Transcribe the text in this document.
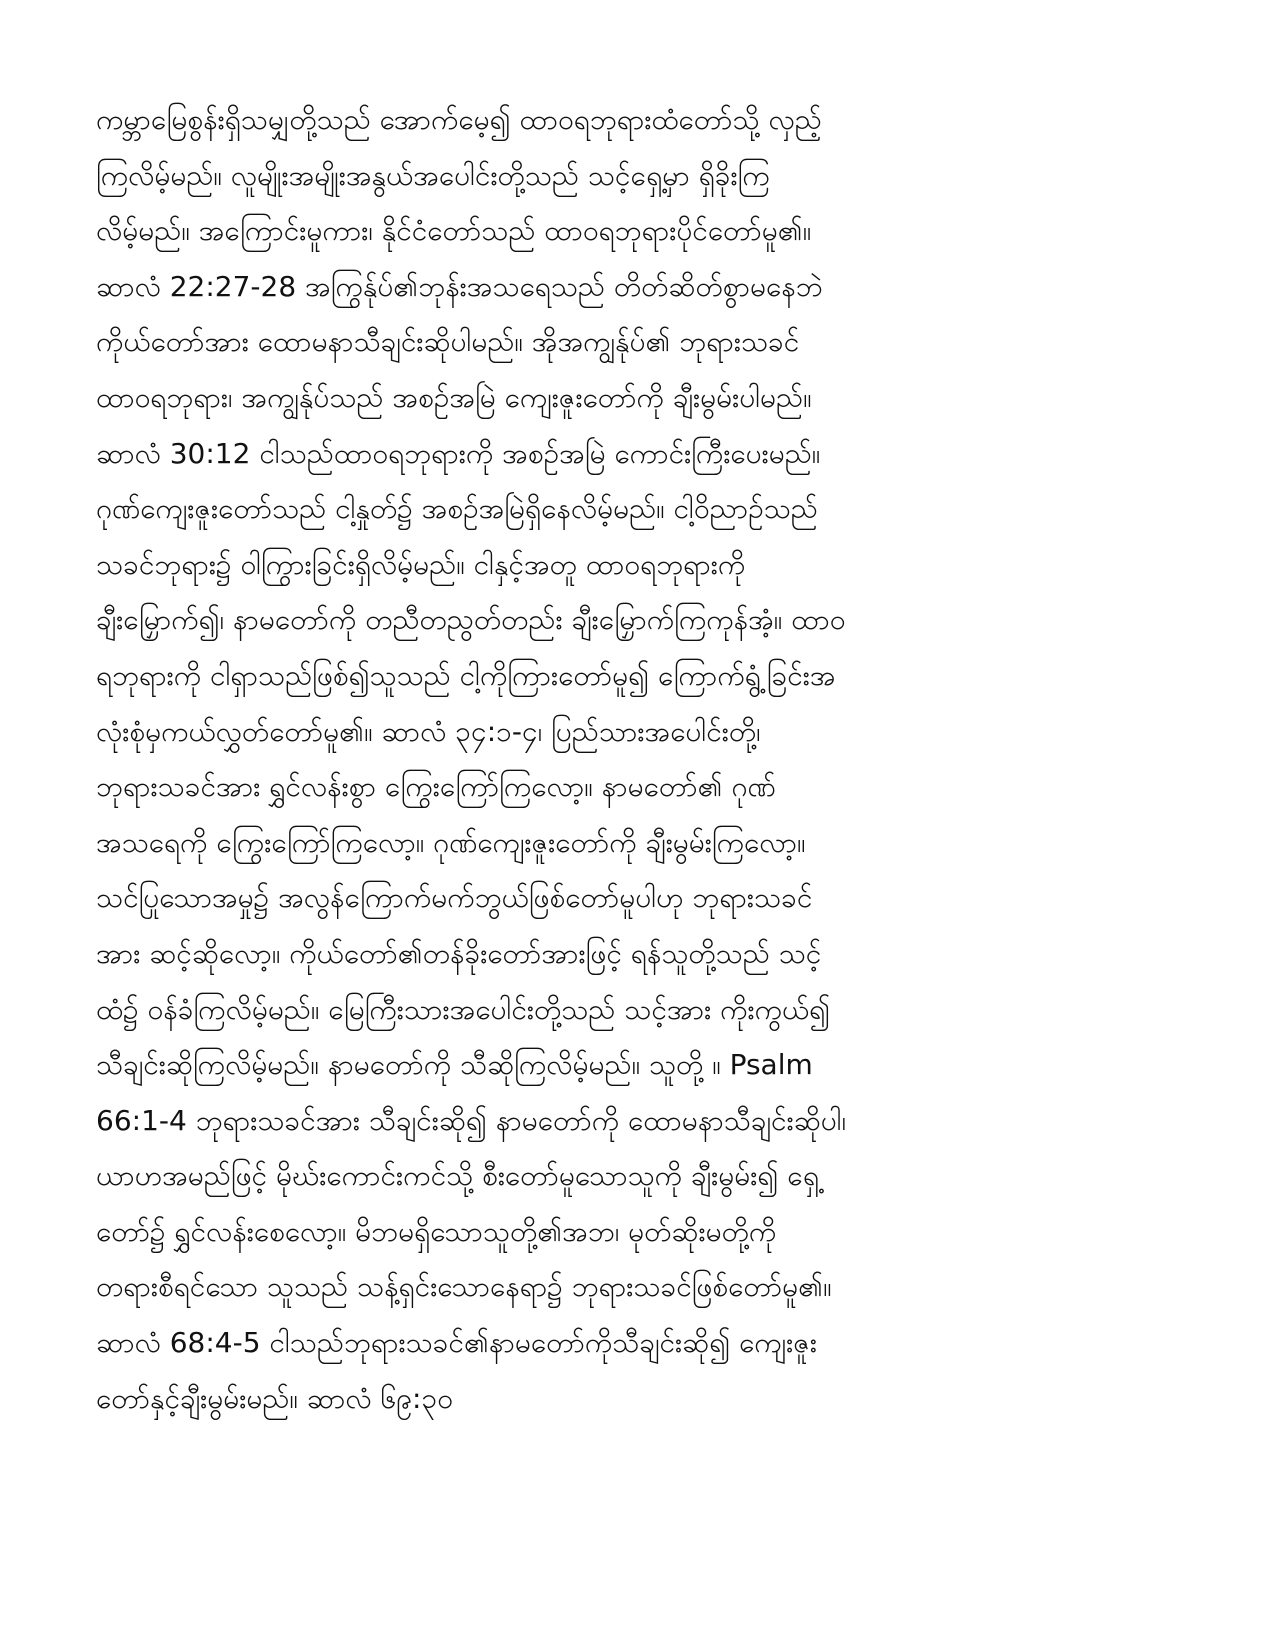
ကမ္ဘာမြေစွန်းရှိသမျှတို့သည် အောက်မေ့၍ ထာဝရဘုရားထံတော်သို့ လှည့်
ကြလိမ့်မည်။ လူမျိုးအမျိုးအနွယ်အပေါင်းတို့သည် သင့်ရှေ့မှာ ရှိခိုးကြ
လိမ့်မည်။ အကြောင်းမူကား၊ နိုင်ငံတော်သည် ထာဝရဘုရားပိုင်တော်မူ၏။
ဆာလံ 22:27-28 အကြွန်ုပ်၏ဘုန်းအသရေသည် တိတ်ဆိတ်စွာမနေဘဲ
ကိုယ်တော်အား ထောမနာသီချင်းဆိုပါမည်။ အိုအကျွန်ုပ်၏ ဘုရားသခင်
ထာဝရဘုရား၊ အကျွန်ုပ်သည် အစဉ်အမြဲ ကျေးဇူးတော်ကို ချီးမွမ်းပါမည်။
ဆာလံ 30:12 ငါသည်ထာဝရဘုရားကို အစဉ်အမြဲ ကောင်းကြီးပေးမည်။
ဂုဏ်ကျေးဇူးတော်သည် ငါ့နှုတ်၌ အစဉ်အမြဲရှိနေလိမ့်မည်။ ငါ့ဝိညာဉ်သည်
သခင်ဘုရား၌ ဝါကြွားခြင်းရှိလိမ့်မည်။ ငါနှင့်အတူ ထာဝရဘုရားကို
ချီးမြှောက်၍၊ နာမတော်ကို တညီတညွတ်တည်း ချီးမြှောက်ကြကုန်အံ့။ ထာဝ
ရဘုရားကို ငါရှာသည်ဖြစ်၍သူသည် ငါ့ကိုကြားတော်မူ၍ ကြောက်ရွံ့ခြင်းအ
လုံးစုံမှကယ်လွှတ်တော်မူ၏။ ဆာလံ ၃၄:၁-၄၊ ပြည်သားအပေါင်းတို့၊
ဘုရားသခင်အား ရွှင်လန်းစွာ ကြွေးကြော်ကြလော့။ နာမတော်၏ ဂုဏ်
အသရေကို ကြွေးကြော်ကြလော့။ ဂုဏ်ကျေးဇူးတော်ကို ချီးမွမ်းကြလော့။
သင်ပြုသောအမှု၌ အလွန်ကြောက်မက်ဘွယ်ဖြစ်တော်မူပါဟု ဘုရားသခင်
အား ဆင့်ဆိုလော့။ ကိုယ်တော်၏တန်ခိုးတော်အားဖြင့် ရန်သူတို့သည် သင့်
ထံ၌ ဝန်ခံကြလိမ့်မည်။ မြေကြီးသားအပေါင်းတို့သည် သင့်အား ကိုးကွယ်၍
သီချင်းဆိုကြလိမ့်မည်။ နာမတော်ကို သီဆိုကြလိမ့်မည်။ သူတို့ ။ Psalm
66:1-4 ဘုရားသခင်အား သီချင်းဆို၍ နာမတော်ကို ထောမနာသီချင်းဆိုပါ၊
ယာဟအမည်ဖြင့် မိုဃ်းကောင်းကင်သို့ စီးတော်မူသောသူကို ချီးမွမ်း၍ ရှေ့
တော်၌ ရွှင်လန်းစေလော့။ မိဘမရှိသောသူတို့၏အဘ၊ မုတ်ဆိုးမတို့ကို
တရားစီရင်သော သူသည် သန့်ရှင်းသောနေရာ၌ ဘုရားသခင်ဖြစ်တော်မူ၏။
ဆာလံ 68:4-5 ငါသည်ဘုရားသခင်၏နာမတော်ကိုသီချင်းဆို၍ ကျေးဇူး
တော်နှင့်ချီးမွမ်းမည်။ ဆာလံ ၆၉:၃၀
